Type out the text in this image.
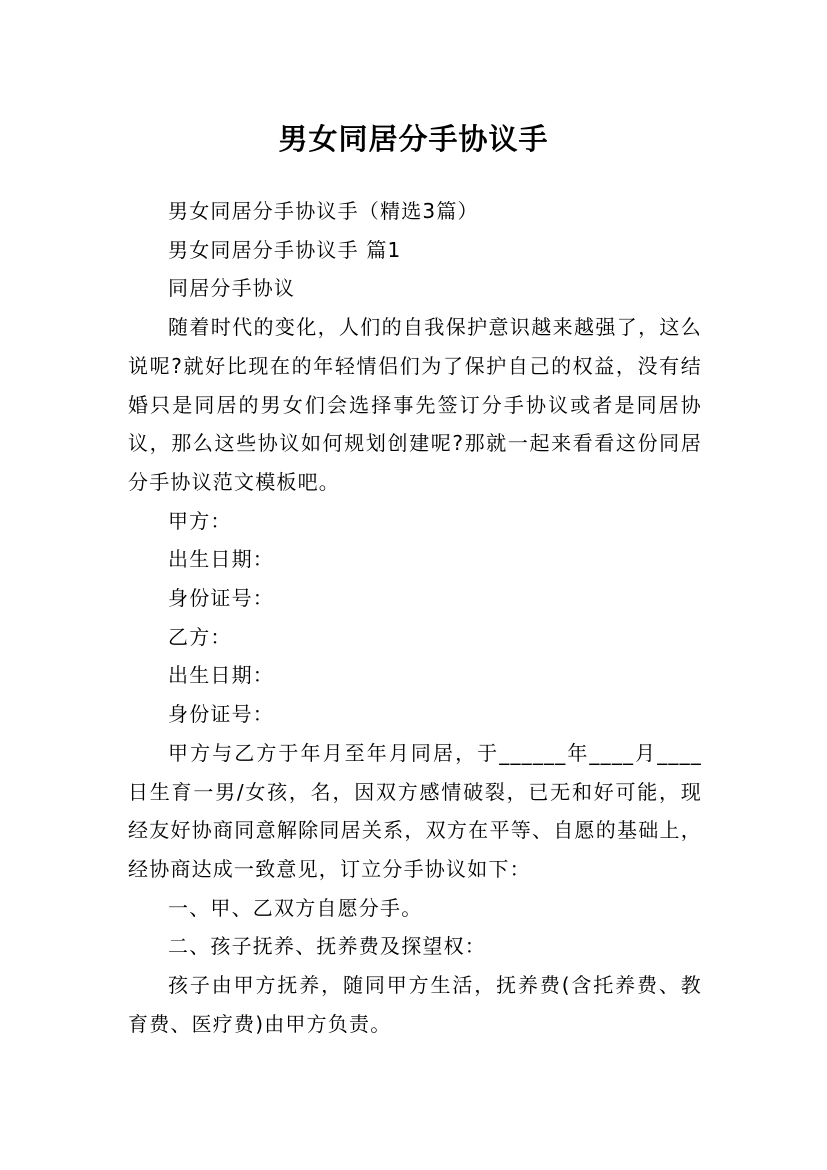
男女同居分手协议手

男女同居分手协议手（精选3篇）

男女同居分手协议手 篇1

同居分手协议

随着时代的变化，人们的自我保护意识越来越强了，这么说呢?就好比现在的年轻情侣们为了保护自己的权益，没有结婚只是同居的男女们会选择事先签订分手协议或者是同居协议，那么这些协议如何规划创建呢?那就一起来看看这份同居分手协议范文模板吧。

甲方：

出生日期：

身份证号：

乙方：

出生日期：

身份证号：

甲方与乙方于年月至年月同居，于______年____月____日生育一男/女孩，名，因双方感情破裂，已无和好可能，现经友好协商同意解除同居关系，双方在平等、自愿的基础上，经协商达成一致意见，订立分手协议如下：

一、甲、乙双方自愿分手。

二、孩子抚养、抚养费及探望权：

孩子由甲方抚养，随同甲方生活，抚养费(含托养费、教育费、医疗费)由甲方负责。
